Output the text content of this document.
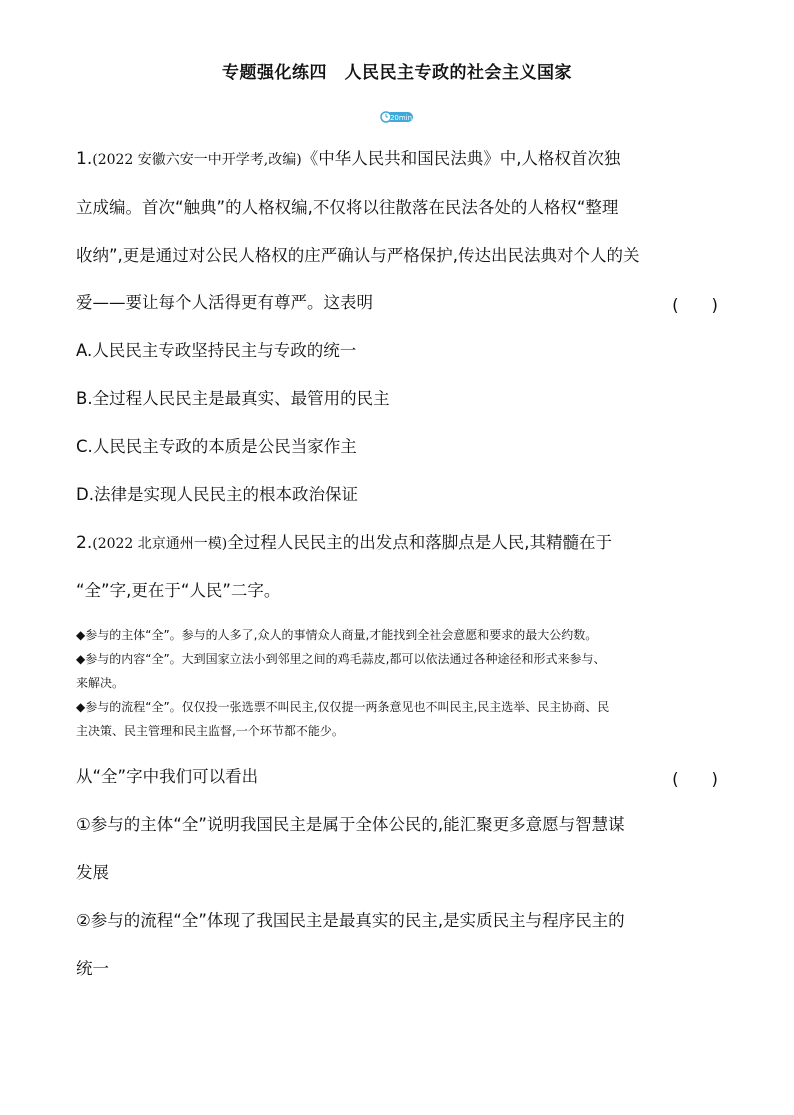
专题强化练四　人民民主专政的社会主义国家
20min
1.(2022 安徽六安一中开学考,改编)《中华人民共和国民法典》中,人格权首次独
立成编。首次“触典”的人格权编,不仅将以往散落在民法各处的人格权“整理
收纳”,更是通过对公民人格权的庄严确认与严格保护,传达出民法典对个人的关
爱——要让每个人活得更有尊严。这表明	(　　)
A.人民民主专政坚持民主与专政的统一
B.全过程人民民主是最真实、最管用的民主
C.人民民主专政的本质是公民当家作主
D.法律是实现人民民主的根本政治保证
2.(2022 北京通州一模)全过程人民民主的出发点和落脚点是人民,其精髓在于
“全”字,更在于“人民”二字。
◆参与的主体“全”。参与的人多了,众人的事情众人商量,才能找到全社会意愿和要求的最大公约数。
◆参与的内容“全”。大到国家立法小到邻里之间的鸡毛蒜皮,都可以依法通过各种途径和形式来参与、
来解决。
◆参与的流程“全”。仅仅投一张选票不叫民主,仅仅提一两条意见也不叫民主,民主选举、民主协商、民
主决策、民主管理和民主监督,一个环节都不能少。
从“全”字中我们可以看出	(　　)
①参与的主体“全”说明我国民主是属于全体公民的,能汇聚更多意愿与智慧谋
发展
②参与的流程“全”体现了我国民主是最真实的民主,是实质民主与程序民主的
统一
